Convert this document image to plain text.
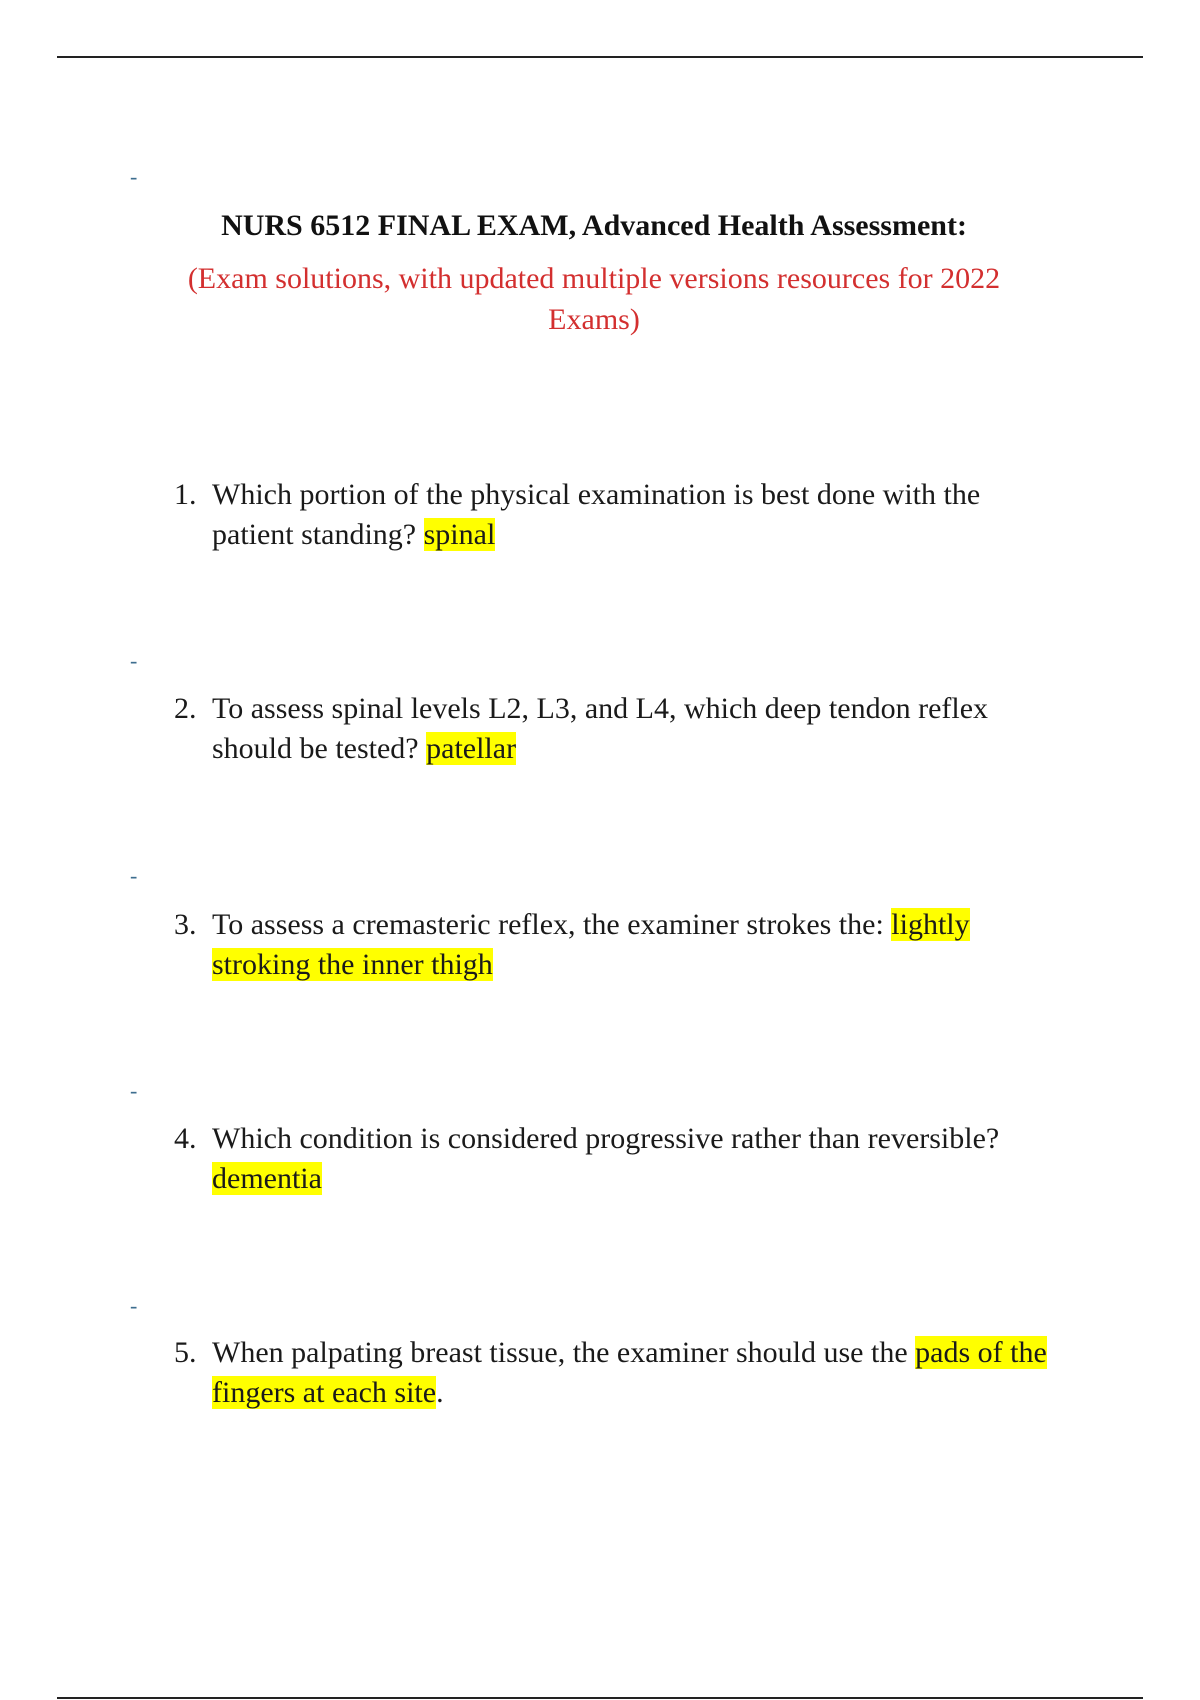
-
NURS 6512 FINAL EXAM, Advanced Health Assessment:
(Exam solutions, with updated multiple versions resources for 2022 Exams)
1. Which portion of the physical examination is best done with the patient standing? spinal
-
2. To assess spinal levels L2, L3, and L4, which deep tendon reflex should be tested? patellar
-
3. To assess a cremasteric reflex, the examiner strokes the: lightly stroking the inner thigh
-
4. Which condition is considered progressive rather than reversible? dementia
-
5. When palpating breast tissue, the examiner should use the pads of the fingers at each site.
